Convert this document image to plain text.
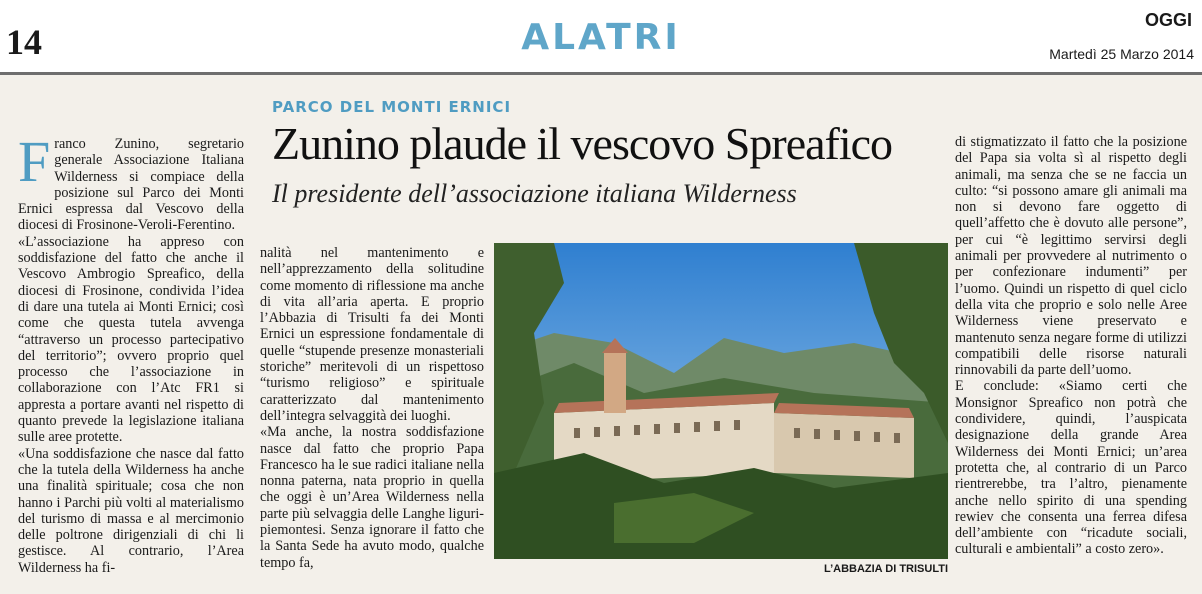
14	ALATRI	OGGI
Martedì 25 Marzo 2014
PARCO DEL MONTI ERNICI
Zunino plaude il vescovo Spreafico
Il presidente dell’associazione italiana Wilderness
F ranco Zunino, segretario generale Associazione Italiana Wilderness si compiace della posizione sul Parco dei Monti Ernici espressa dal Vescovo della diocesi di Frosinone-Veroli-Ferentino.

«L’associazione ha appreso con soddisfazione del fatto che anche il Vescovo Ambrogio Spreafico, della diocesi di Frosinone, condivida l’idea di dare una tutela ai Monti Ernici; così come che questa tutela avvenga “attraverso un processo partecipativo del territorio”; ovvero proprio quel processo che l’associazione in collaborazione con l’Atc FR1 si appresta a portare avanti nel rispetto di quanto prevede la legislazione italiana sulle aree protette.

«Una soddisfazione che nasce dal fatto che la tutela della Wilderness ha anche una finalità spirituale; cosa che non hanno i Parchi più volti al materialismo del turismo di massa e al mercimonio delle poltrone dirigenziali di chi li gestisce. Al contrario, l’Area Wilderness ha fi-

nalità nel mantenimento e nell’apprezzamento della solitudine come momento di riflessione ma anche di vita all’aria aperta. E proprio l’Abbazia di Trisulti fa dei Monti Ernici un espressione fondamentale di quelle “stupende presenze monasteriali storiche” meritevoli di un rispettoso “turismo religioso” e spirituale caratterizzato dal mantenimento dell’integra selvaggità dei luoghi.

«Ma anche, la nostra soddisfazione nasce dal fatto che proprio Papa Francesco ha le sue radici italiane nella nonna paterna, nata proprio in quella che oggi è un’Area Wilderness nella parte più selvaggia delle Langhe liguri-piemontesi. Senza ignorare il fatto che la Santa Sede ha avuto modo, qualche tempo fa,	L’ABBAZIA DI TRISULTI

di stigmatizzato il fatto che la posizione del Papa sia volta sì al rispetto degli animali, ma senza che se ne faccia un culto: “si possono amare gli animali ma non si devono fare oggetto di quell’affetto che è dovuto alle persone”, per cui “è legittimo servirsi degli animali per provvedere al nutrimento o per confezionare indumenti” per l’uomo. Quindi un rispetto di quel ciclo della vita che proprio e solo nelle Aree Wilderness viene preservato e mantenuto senza negare forme di utilizzi compatibili delle risorse naturali rinnovabili da parte dell’uomo.

E conclude: «Siamo certi che Monsignor Spreafico non potrà che condividere, quindi, l’auspicata designazione della grande Area Wilderness dei Monti Ernici; un’area protetta che, al contrario di un Parco rientrerebbe, tra l’altro, pienamente anche nello spirito di una spending rewiev che consenta una ferrea difesa dell’ambiente con “ricadute sociali, culturali e ambientali” a costo zero».
